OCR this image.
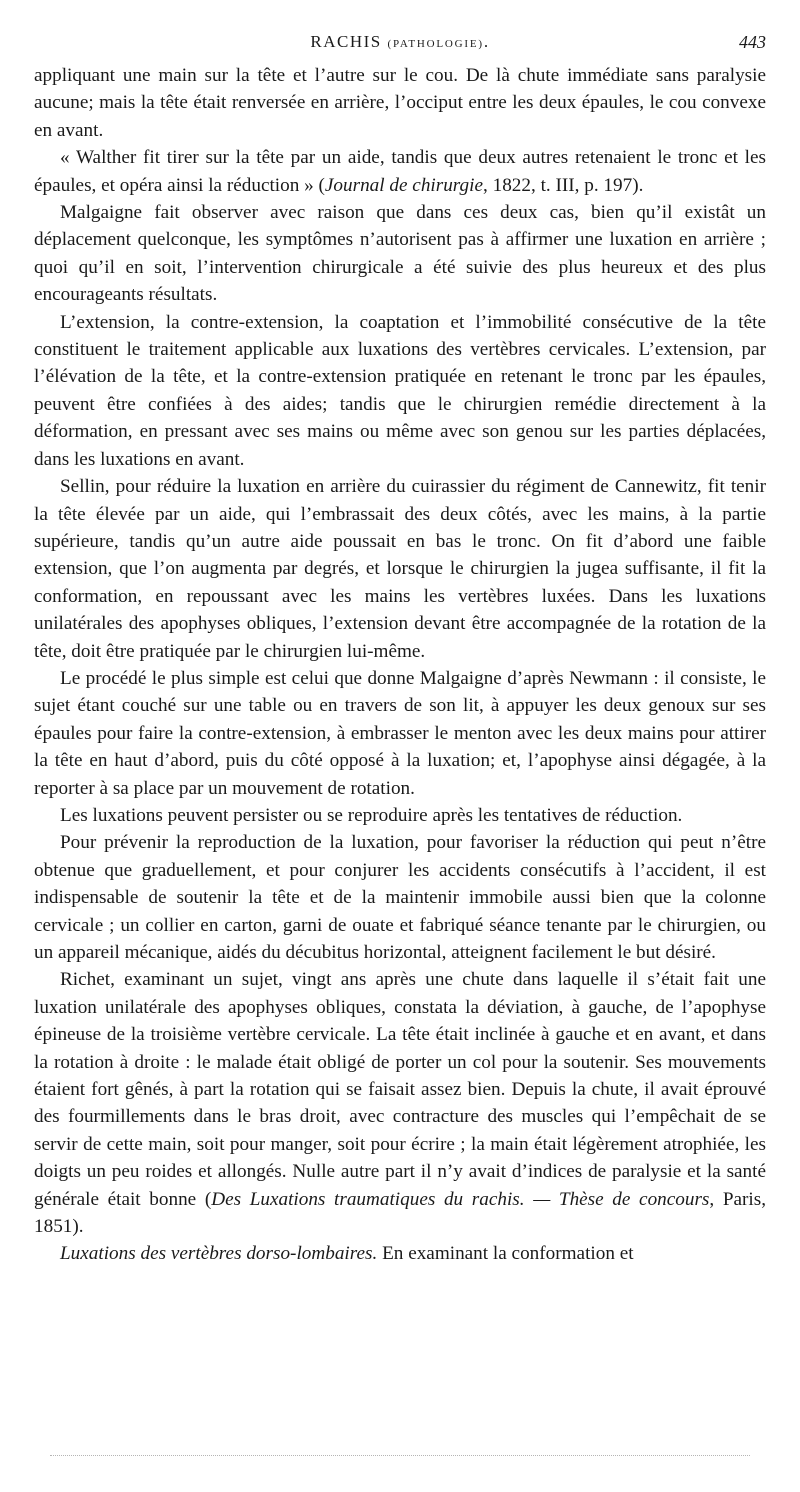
RACHIS (PATHOLOGIE).	443

appliquant une main sur la tête et l’autre sur le cou. De là chute immédiate sans paralysie aucune; mais la tête était renversée en arrière, l’occiput entre les deux épaules, le cou convexe en avant.

« Walther fit tirer sur la tête par un aide, tandis que deux autres retenaient le tronc et les épaules, et opéra ainsi la réduction » (Journal de chirurgie, 1822, t. III, p. 197).

Malgaigne fait observer avec raison que dans ces deux cas, bien qu’il existât un déplacement quelconque, les symptômes n’autorisent pas à affirmer une luxation en arrière ; quoi qu’il en soit, l’intervention chirurgicale a été suivie des plus heureux et des plus encourageants résultats.

L’extension, la contre-extension, la coaptation et l’immobilité consécutive de la tête constituent le traitement applicable aux luxations des vertèbres cervicales. L’extension, par l’élévation de la tête, et la contre-extension pratiquée en retenant le tronc par les épaules, peuvent être confiées à des aides; tandis que le chirurgien remédie directement à la déformation, en pressant avec ses mains ou même avec son genou sur les parties déplacées, dans les luxations en avant.

Sellin, pour réduire la luxation en arrière du cuirassier du régiment de Cannewitz, fit tenir la tête élevée par un aide, qui l’embrassait des deux côtés, avec les mains, à la partie supérieure, tandis qu’un autre aide poussait en bas le tronc. On fit d’abord une faible extension, que l’on augmenta par degrés, et lorsque le chirurgien la jugea suffisante, il fit la conformation, en repoussant avec les mains les vertèbres luxées. Dans les luxations unilatérales des apophyses obliques, l’extension devant être accompagnée de la rotation de la tête, doit être pratiquée par le chirurgien lui-même.

Le procédé le plus simple est celui que donne Malgaigne d’après Newmann : il consiste, le sujet étant couché sur une table ou en travers de son lit, à appuyer les deux genoux sur ses épaules pour faire la contre-extension, à embrasser le menton avec les deux mains pour attirer la tête en haut d’abord, puis du côté opposé à la luxation; et, l’apophyse ainsi dégagée, à la reporter à sa place par un mouvement de rotation.

Les luxations peuvent persister ou se reproduire après les tentatives de réduction.

Pour prévenir la reproduction de la luxation, pour favoriser la réduction qui peut n’être obtenue que graduellement, et pour conjurer les accidents consécutifs à l’accident, il est indispensable de soutenir la tête et de la maintenir immobile aussi bien que la colonne cervicale ; un collier en carton, garni de ouate et fabriqué séance tenante par le chirurgien, ou un appareil mécanique, aidés du décubitus horizontal, atteignent facilement le but désiré.

Richet, examinant un sujet, vingt ans après une chute dans laquelle il s’était fait une luxation unilatérale des apophyses obliques, constata la déviation, à gauche, de l’apophyse épineuse de la troisième vertèbre cervicale. La tête était inclinée à gauche et en avant, et dans la rotation à droite : le malade était obligé de porter un col pour la soutenir. Ses mouvements étaient fort gênés, à part la rotation qui se faisait assez bien. Depuis la chute, il avait éprouvé des fourmillements dans le bras droit, avec contracture des muscles qui l’empêchait de se servir de cette main, soit pour manger, soit pour écrire ; la main était légèrement atrophiée, les doigts un peu roides et allongés. Nulle autre part il n’y avait d’indices de paralysie et la santé générale était bonne (Des Luxations traumatiques du rachis. — Thèse de concours, Paris, 1851).

Luxations des vertèbres dorso-lombaires. En examinant la conformation et
